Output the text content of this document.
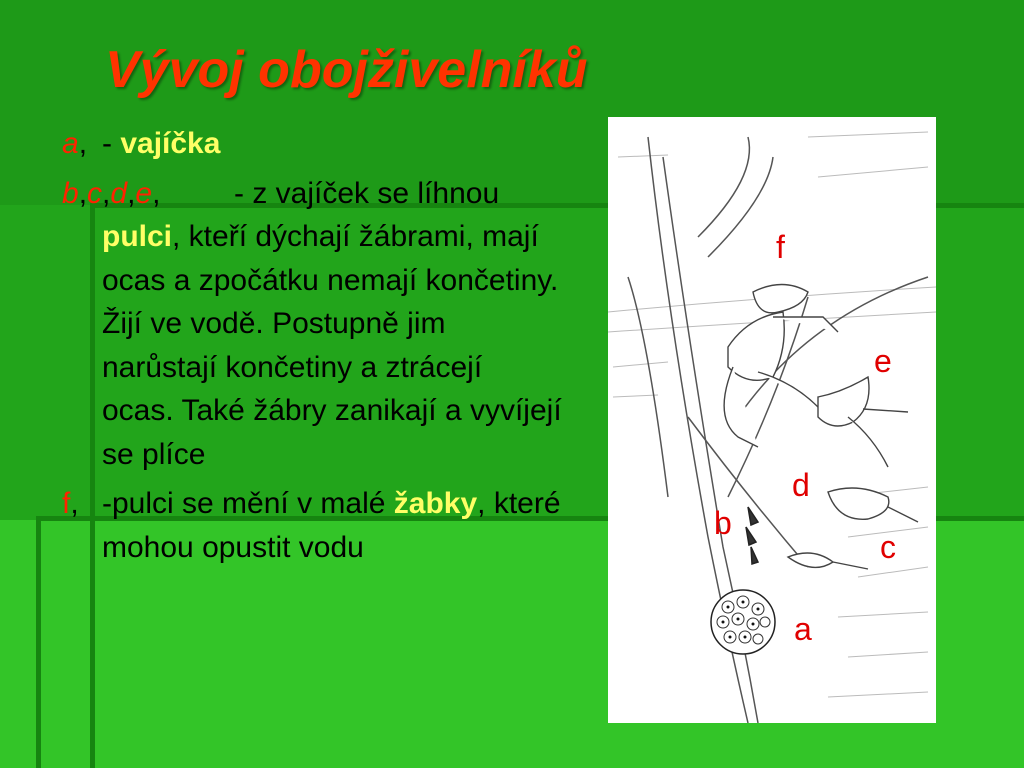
Vývoj obojživelníků
a, - vajíčka
b,c,d,e, - z vajíček se líhnou pulci, kteří dýchají žábrami, mají ocas a zpočátku nemají končetiny. Žijí ve vodě. Postupně jim narůstají končetiny a ztrácejí ocas. Také žábry zanikají a vyvíjejí se plíce
f, -pulci se mění v malé žabky, které mohou opustit vodu
f
e
d
b
c
a
